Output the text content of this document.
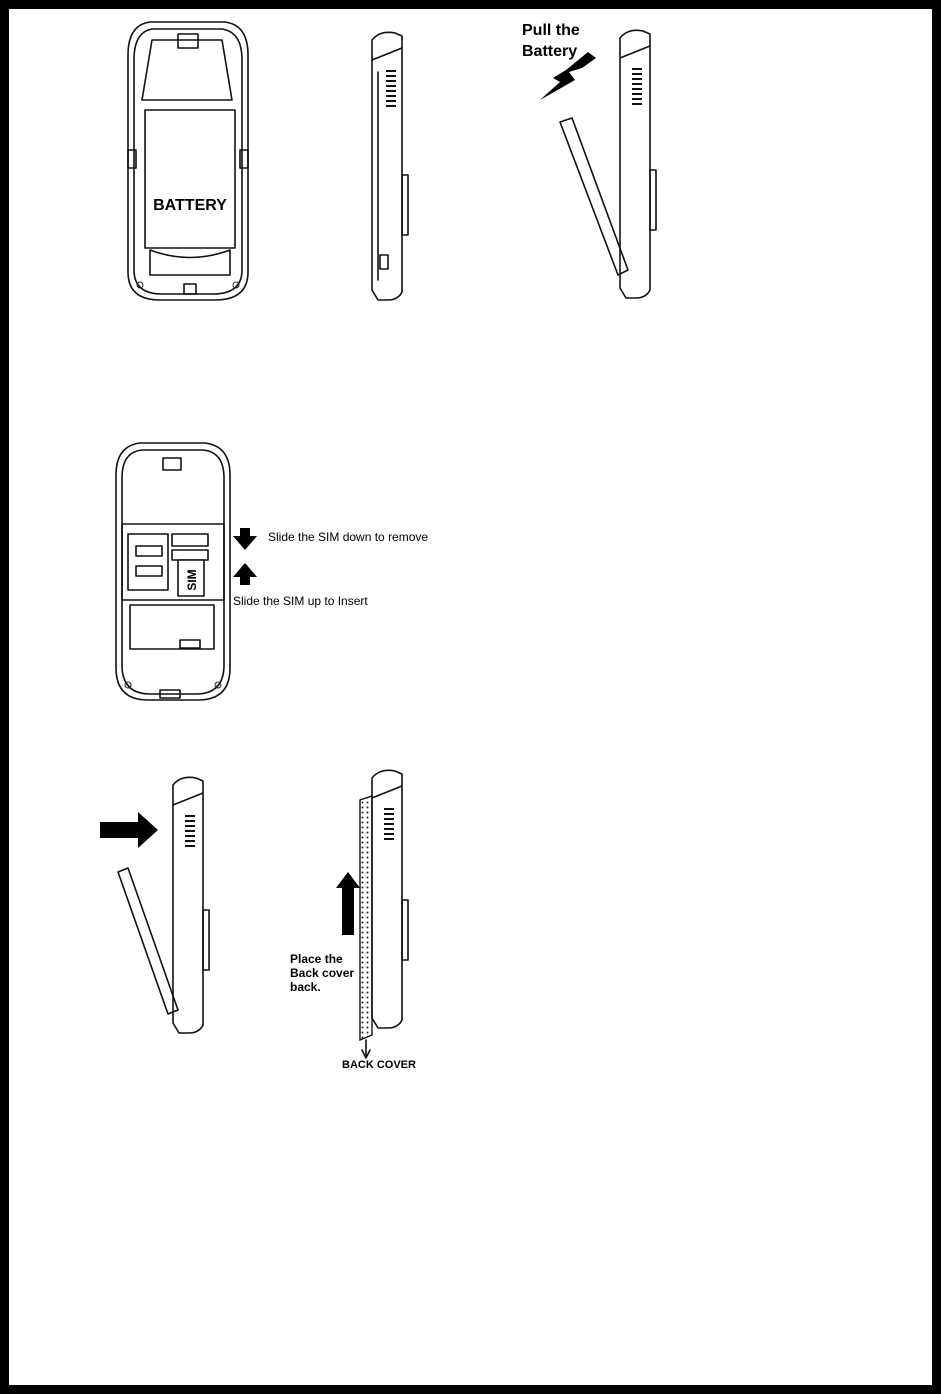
BATTERY
Pull the
Battery
SIM
Slide the SIM down to remove
Slide the SIM up to Insert
Place the
Back cover
back.
BACK COVER
